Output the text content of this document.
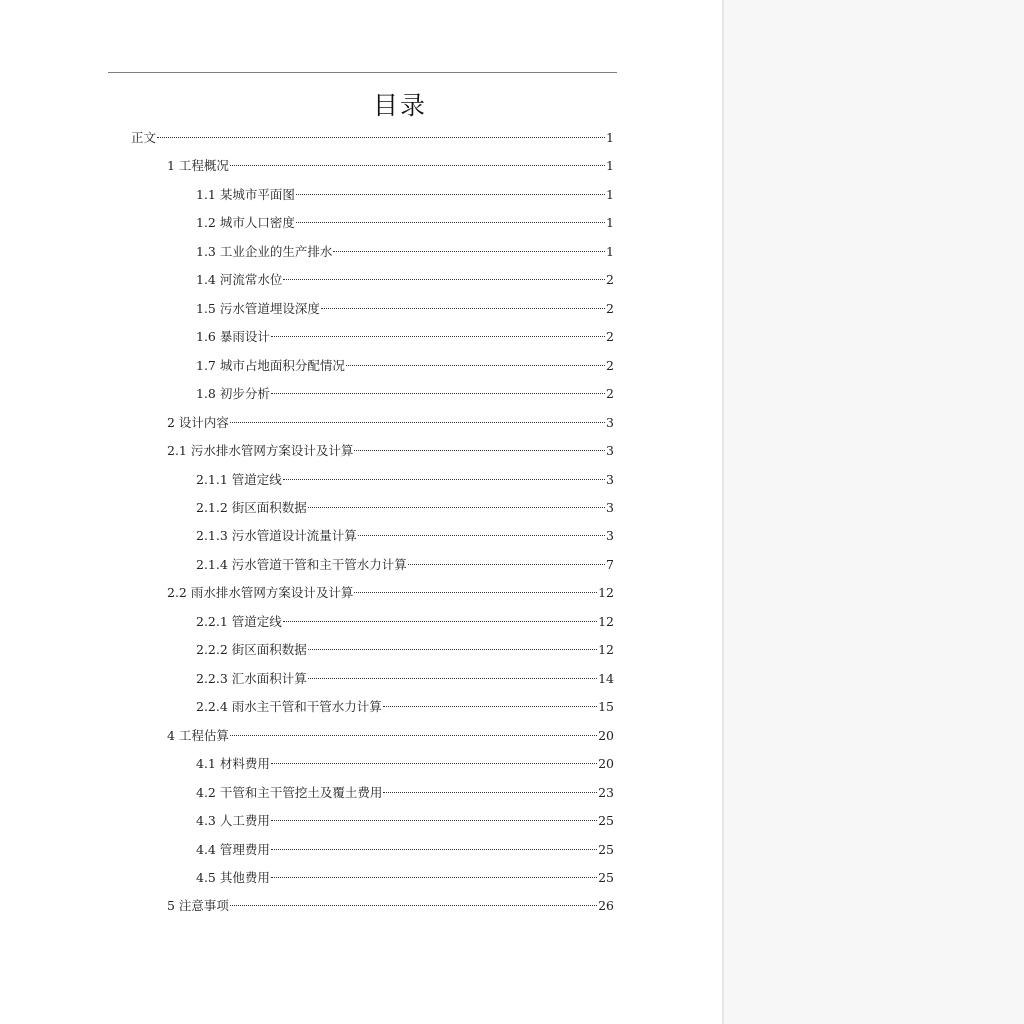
目录
正文	1
1 工程概况	1
1.1 某城市平面图	1
1.2 城市人口密度	1
1.3 工业企业的生产排水	1
1.4 河流常水位	2
1.5 污水管道埋设深度	2
1.6 暴雨设计	2
1.7 城市占地面积分配情况	2
1.8 初步分析	2
2 设计内容	3
2.1 污水排水管网方案设计及计算	3
2.1.1 管道定线	3
2.1.2 街区面积数据	3
2.1.3 污水管道设计流量计算	3
2.1.4 污水管道干管和主干管水力计算	7
2.2 雨水排水管网方案设计及计算	12
2.2.1 管道定线	12
2.2.2 街区面积数据	12
2.2.3 汇水面积计算	14
2.2.4 雨水主干管和干管水力计算	15
4 工程估算	20
4.1 材料费用	20
4.2 干管和主干管挖土及覆土费用	23
4.3 人工费用	25
4.4 管理费用	25
4.5 其他费用	25
5 注意事项	26
